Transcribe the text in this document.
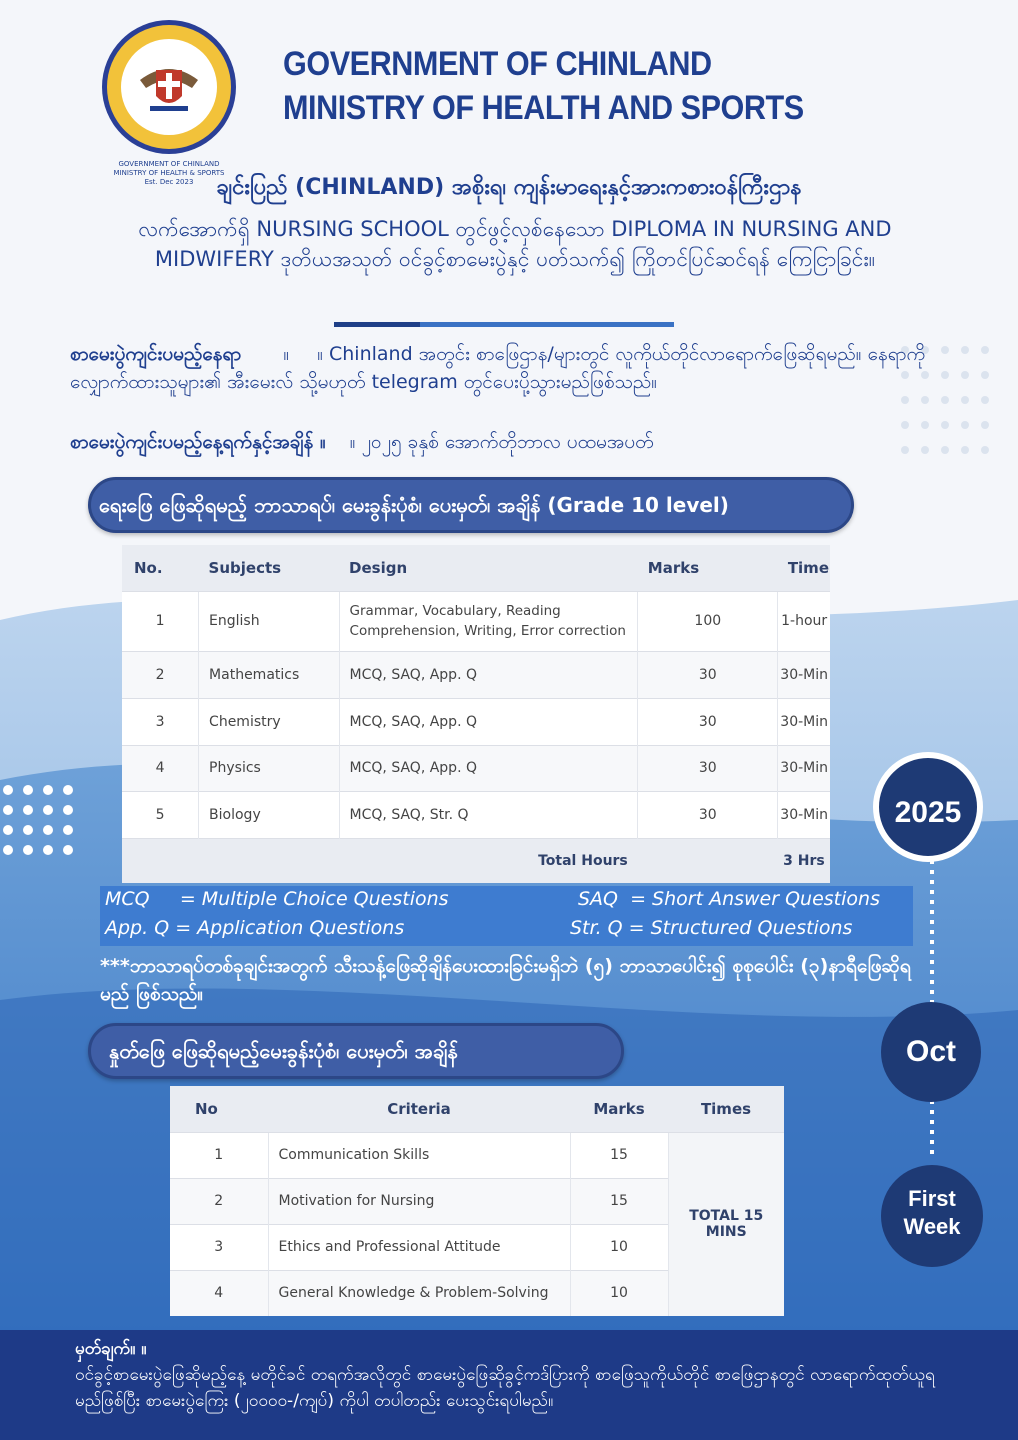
GOVERNMENT OF CHINLAND MINISTRY OF HEALTH & SPORTS Est. Dec 2023
GOVERNMENT OF CHINLAND
MINISTRY OF HEALTH AND SPORTS
ချင်းပြည် (CHINLAND) အစိုးရ၊ ကျန်းမာရေးနှင့်အားကစားဝန်ကြီးဌာန
လက်အောက်ရှိ NURSING SCHOOL တွင်ဖွင့်လှစ်နေသော DIPLOMA IN NURSING AND MIDWIFERY ဒုတိယအသုတ် ဝင်ခွင့်စာမေးပွဲနှင့် ပတ်သက်၍ ကြိုတင်ပြင်ဆင်ရန် ကြေငြာခြင်း။
စာမေးပွဲကျင်းပမည့်နေရာ ။ ။ Chinland အတွင်း စာဖြေဌာန/များတွင် လူကိုယ်တိုင်လာရောက်ဖြေဆိုရမည်။ နေရာကို လျှောက်ထားသူများ၏ အီးမေးလ် သို့မဟုတ် telegram တွင်ပေးပို့သွားမည်ဖြစ်သည်။
စာမေးပွဲကျင်းပမည့်နေ့ရက်နှင့်အချိန် ။ ။ ၂၀၂၅ ခုနှစ် အောက်တိုဘာလ ပထမအပတ်
ရေးဖြေ ဖြေဆိုရမည့် ဘာသာရပ်၊ မေးခွန်းပုံစံ၊ ပေးမှတ်၊ အချိန် (Grade 10 level)
No.	Subjects	Design	Marks	Time
1	English	Grammar, Vocabulary, Reading Comprehension, Writing, Error correction	100	1-hour
2	Mathematics	MCQ, SAQ, App. Q	30	30-Min
3	Chemistry	MCQ, SAQ, App. Q	30	30-Min
4	Physics	MCQ, SAQ, App. Q	30	30-Min
5	Biology	MCQ, SAQ, Str. Q	30	30-Min
Total Hours				3 Hrs
MCQ     = Multiple Choice Questions	SAQ  = Short Answer Questions
App. Q = Application Questions	Str. Q = Structured Questions
***ဘာသာရပ်တစ်ခုချင်းအတွက် သီးသန့်ဖြေဆိုချိန်ပေးထားခြင်းမရှိဘဲ (၅) ဘာသာပေါင်း၍ စုစုပေါင်း (၃)နာရီဖြေဆိုရမည် ဖြစ်သည်။
နှုတ်ဖြေ ဖြေဆိုရမည့်မေးခွန်းပုံစံ၊ ပေးမှတ်၊ အချိန်
No	Criteria	Marks	Times
1	Communication Skills	15	TOTAL 15 MINS
2	Motivation for Nursing	15	
3	Ethics and Professional Attitude	10	
4	General Knowledge & Problem-Solving	10	
2025
Oct
First
Week
မှတ်ချက်။ ။
ဝင်ခွင့်စာမေးပွဲဖြေဆိုမည့်နေ့ မတိုင်ခင် တရက်အလိုတွင် စာမေးပွဲဖြေဆိုခွင့်ကဒ်ပြားကို စာဖြေသူကိုယ်တိုင် စာဖြေဌာနတွင် လာရောက်ထုတ်ယူရမည်ဖြစ်ပြီး စာမေးပွဲကြေး (၂၀၀၀၀-/ကျပ်) ကိုပါ တပါတည်း ပေးသွင်းရပါမည်။
